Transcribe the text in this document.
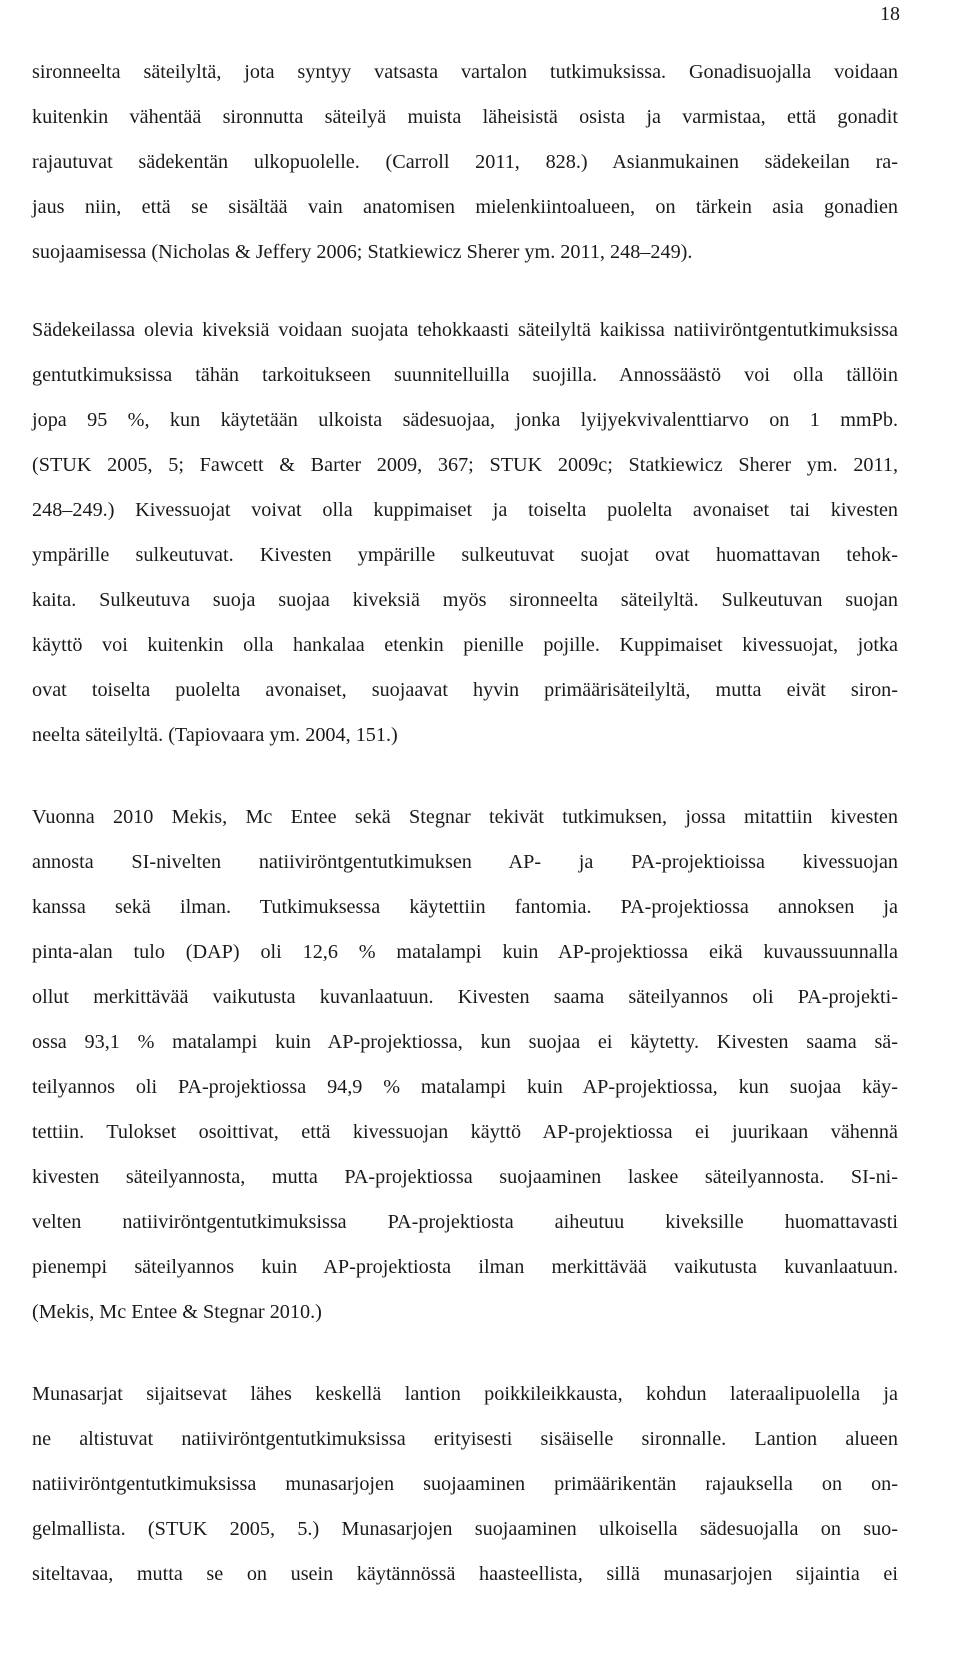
18
sironneelta säteilyltä, jota syntyy vatsasta vartalon tutkimuksissa. Gonadisuojalla voidaan
kuitenkin vähentää sironnutta säteilyä muista läheisistä osista ja varmistaa, että gonadit
rajautuvat sädekentän ulkopuolelle. (Carroll 2011, 828.) Asianmukainen sädekeilan ra-
jaus niin, että se sisältää vain anatomisen mielenkiintoalueen, on tärkein asia gonadien
suojaamisessa (Nicholas & Jeffery 2006; Statkiewicz Sherer ym. 2011, 248–249).
Sädekeilassa olevia kiveksiä voidaan suojata tehokkaasti säteilyltä kaikissa natiiviröntgentutkimuksissa
gentutkimuksissa tähän tarkoitukseen suunnitelluilla suojilla. Annossäästö voi olla tällöin
jopa 95 %, kun käytetään ulkoista sädesuojaa, jonka lyijyekvivalenttiarvo on 1 mmPb.
(STUK 2005, 5; Fawcett & Barter 2009, 367; STUK 2009c; Statkiewicz Sherer ym. 2011,
248–249.) Kivessuojat voivat olla kuppimaiset ja toiselta puolelta avonaiset tai kivesten
ympärille sulkeutuvat. Kivesten ympärille sulkeutuvat suojat ovat huomattavan tehok-
kaita. Sulkeutuva suoja suojaa kiveksiä myös sironneelta säteilyltä. Sulkeutuvan suojan
käyttö voi kuitenkin olla hankalaa etenkin pienille pojille. Kuppimaiset kivessuojat, jotka
ovat toiselta puolelta avonaiset, suojaavat hyvin primäärisäteilyltä, mutta eivät siron-
neelta säteilyltä. (Tapiovaara ym. 2004, 151.)
Vuonna 2010 Mekis, Mc Entee sekä Stegnar tekivät tutkimuksen, jossa mitattiin kivesten
annosta SI-nivelten natiiviröntgentutkimuksen AP- ja PA-projektioissa kivessuojan
kanssa sekä ilman. Tutkimuksessa käytettiin fantomia. PA-projektiossa annoksen ja
pinta-alan tulo (DAP) oli 12,6 % matalampi kuin AP-projektiossa eikä kuvaussuunnalla
ollut merkittävää vaikutusta kuvanlaatuun. Kivesten saama säteilyannos oli PA-projekti-
ossa 93,1 % matalampi kuin AP-projektiossa, kun suojaa ei käytetty. Kivesten saama sä-
teilyannos oli PA-projektiossa 94,9 % matalampi kuin AP-projektiossa, kun suojaa käy-
tettiin. Tulokset osoittivat, että kivessuojan käyttö AP-projektiossa ei juurikaan vähennä
kivesten säteilyannosta, mutta PA-projektiossa suojaaminen laskee säteilyannosta. SI-ni-
velten natiiviröntgentutkimuksissa PA-projektiosta aiheutuu kiveksille huomattavasti
pienempi säteilyannos kuin AP-projektiosta ilman merkittävää vaikutusta kuvanlaatuun.
(Mekis, Mc Entee & Stegnar 2010.)
Munasarjat sijaitsevat lähes keskellä lantion poikkileikkausta, kohdun lateraalipuolella ja
ne altistuvat natiiviröntgentutkimuksissa erityisesti sisäiselle sironnalle. Lantion alueen
natiiviröntgentutkimuksissa munasarjojen suojaaminen primäärikentän rajauksella on on-
gelmallista. (STUK 2005, 5.) Munasarjojen suojaaminen ulkoisella sädesuojalla on suo-
siteltavaa, mutta se on usein käytännössä haasteellista, sillä munasarjojen sijaintia ei
